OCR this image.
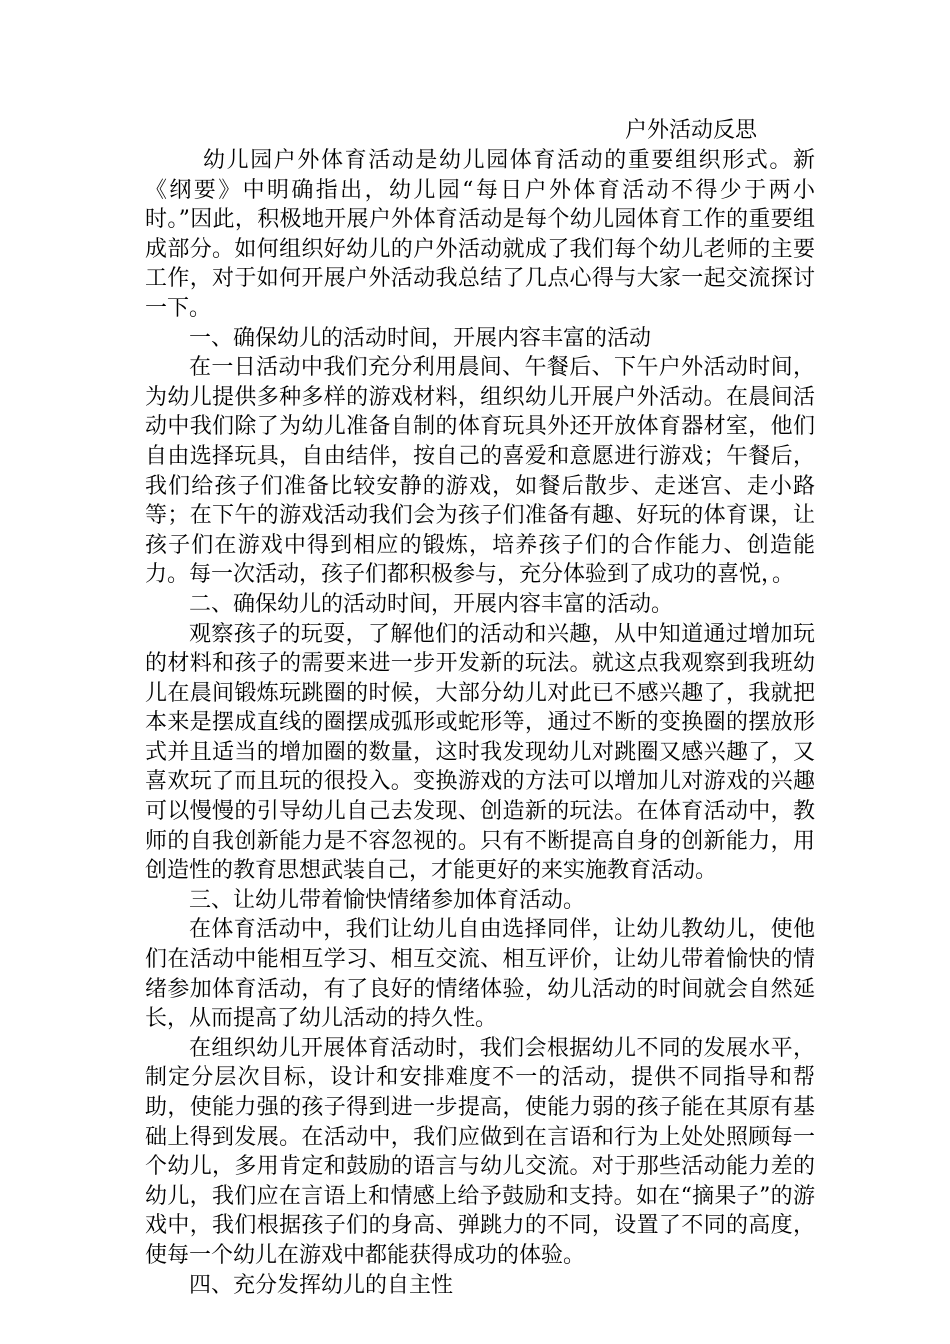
户外活动反思

幼儿园户外体育活动是幼儿园体育活动的重要组织形式。新《纲要》中明确指出，幼儿园“每日户外体育活动不得少于两小时。”因此，积极地开展户外体育活动是每个幼儿园体育工作的重要组成部分。如何组织好幼儿的户外活动就成了我们每个幼儿老师的主要工作，对于如何开展户外活动我总结了几点心得与大家一起交流探讨一下。

一、确保幼儿的活动时间，开展内容丰富的活动

在一日活动中我们充分利用晨间、午餐后、下午户外活动时间，为幼儿提供多种多样的游戏材料，组织幼儿开展户外活动。在晨间活动中我们除了为幼儿准备自制的体育玩具外还开放体育器材室，他们自由选择玩具，自由结伴，按自己的喜爱和意愿进行游戏；午餐后，我们给孩子们准备比较安静的游戏，如餐后散步、走迷宫、走小路等；在下午的游戏活动我们会为孩子们准备有趣、好玩的体育课，让孩子们在游戏中得到相应的锻炼，培养孩子们的合作能力、创造能力。每一次活动，孩子们都积极参与，充分体验到了成功的喜悦，。

二、确保幼儿的活动时间，开展内容丰富的活动。

观察孩子的玩耍，了解他们的活动和兴趣，从中知道通过增加玩的材料和孩子的需要来进一步开发新的玩法。就这点我观察到我班幼儿在晨间锻炼玩跳圈的时候，大部分幼儿对此已不感兴趣了，我就把本来是摆成直线的圈摆成弧形或蛇形等，通过不断的变换圈的摆放形式并且适当的增加圈的数量，这时我发现幼儿对跳圈又感兴趣了，又喜欢玩了而且玩的很投入。变换游戏的方法可以增加儿对游戏的兴趣可以慢慢的引导幼儿自己去发现、创造新的玩法。在体育活动中，教师的自我创新能力是不容忽视的。只有不断提高自身的创新能力，用创造性的教育思想武装自己，才能更好的来实施教育活动。

三、让幼儿带着愉快情绪参加体育活动。

在体育活动中，我们让幼儿自由选择同伴，让幼儿教幼儿，使他们在活动中能相互学习、相互交流、相互评价，让幼儿带着愉快的情绪参加体育活动，有了良好的情绪体验，幼儿活动的时间就会自然延长，从而提高了幼儿活动的持久性。

在组织幼儿开展体育活动时，我们会根据幼儿不同的发展水平，制定分层次目标，设计和安排难度不一的活动，提供不同指导和帮助，使能力强的孩子得到进一步提高，使能力弱的孩子能在其原有基础上得到发展。在活动中，我们应做到在言语和行为上处处照顾每一个幼儿，多用肯定和鼓励的语言与幼儿交流。对于那些活动能力差的幼儿，我们应在言语上和情感上给予鼓励和支持。如在“摘果子”的游戏中，我们根据孩子们的身高、弹跳力的不同，设置了不同的高度，使每一个幼儿在游戏中都能获得成功的体验。

四、充分发挥幼儿的自主性
